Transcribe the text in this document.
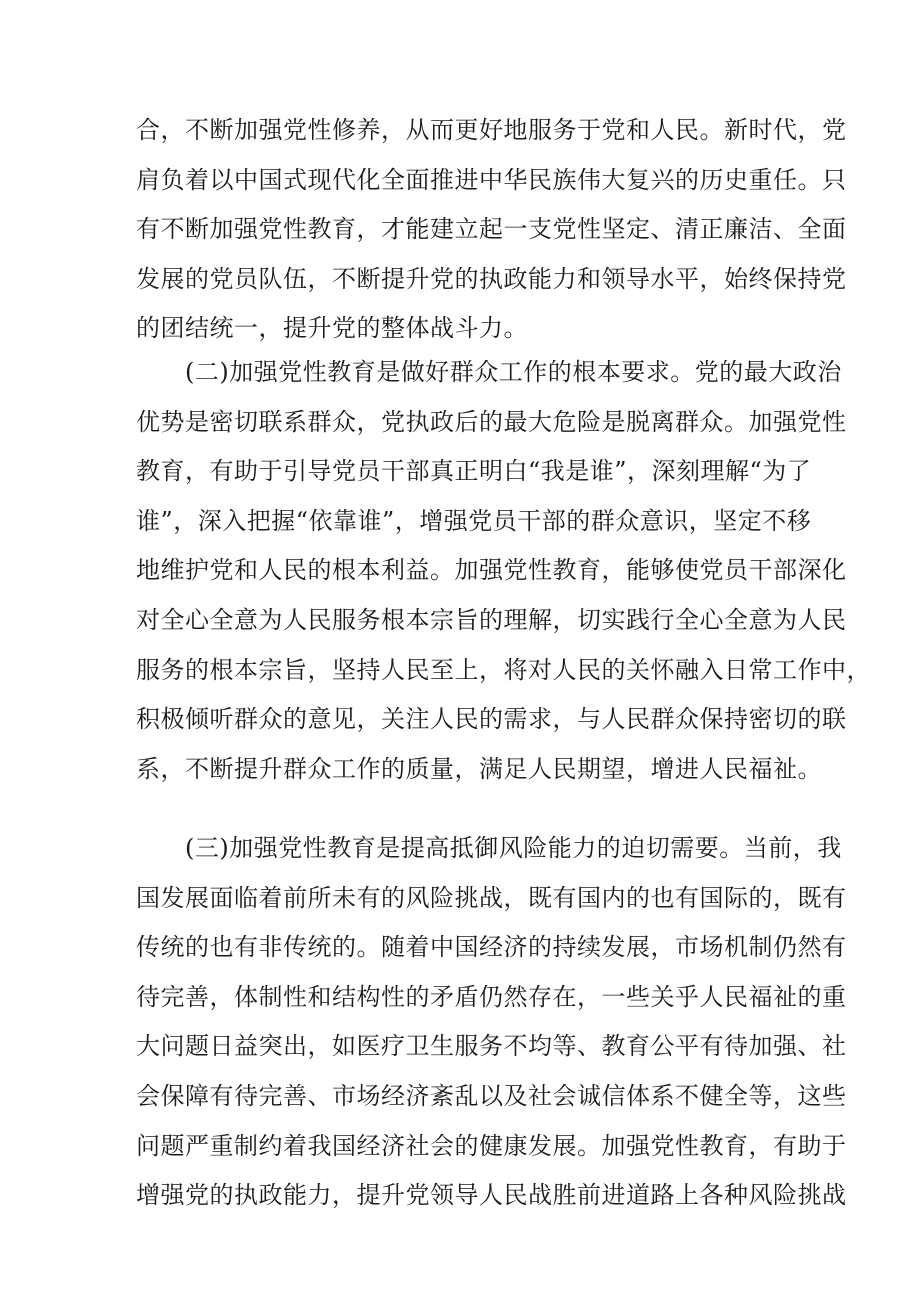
合，不断加强党性修养，从而更好地服务于党和人民。新时代，党
肩负着以中国式现代化全面推进中华民族伟大复兴的历史重任。只
有不断加强党性教育，才能建立起一支党性坚定、清正廉洁、全面
发展的党员队伍，不断提升党的执政能力和领导水平，始终保持党
的团结统一，提升党的整体战斗力。
　　(二)加强党性教育是做好群众工作的根本要求。党的最大政治
优势是密切联系群众，党执政后的最大危险是脱离群众。加强党性
教育，有助于引导党员干部真正明白“我是谁”，深刻理解“为了
谁”，深入把握“依靠谁”，增强党员干部的群众意识，坚定不移
地维护党和人民的根本利益。加强党性教育，能够使党员干部深化
对全心全意为人民服务根本宗旨的理解，切实践行全心全意为人民
服务的根本宗旨，坚持人民至上，将对人民的关怀融入日常工作中，
积极倾听群众的意见，关注人民的需求，与人民群众保持密切的联
系，不断提升群众工作的质量，满足人民期望，增进人民福祉。
　　(三)加强党性教育是提高抵御风险能力的迫切需要。当前，我
国发展面临着前所未有的风险挑战，既有国内的也有国际的，既有
传统的也有非传统的。随着中国经济的持续发展，市场机制仍然有
待完善，体制性和结构性的矛盾仍然存在，一些关乎人民福祉的重
大问题日益突出，如医疗卫生服务不均等、教育公平有待加强、社
会保障有待完善、市场经济紊乱以及社会诚信体系不健全等，这些
问题严重制约着我国经济社会的健康发展。加强党性教育，有助于
增强党的执政能力，提升党领导人民战胜前进道路上各种风险挑战
